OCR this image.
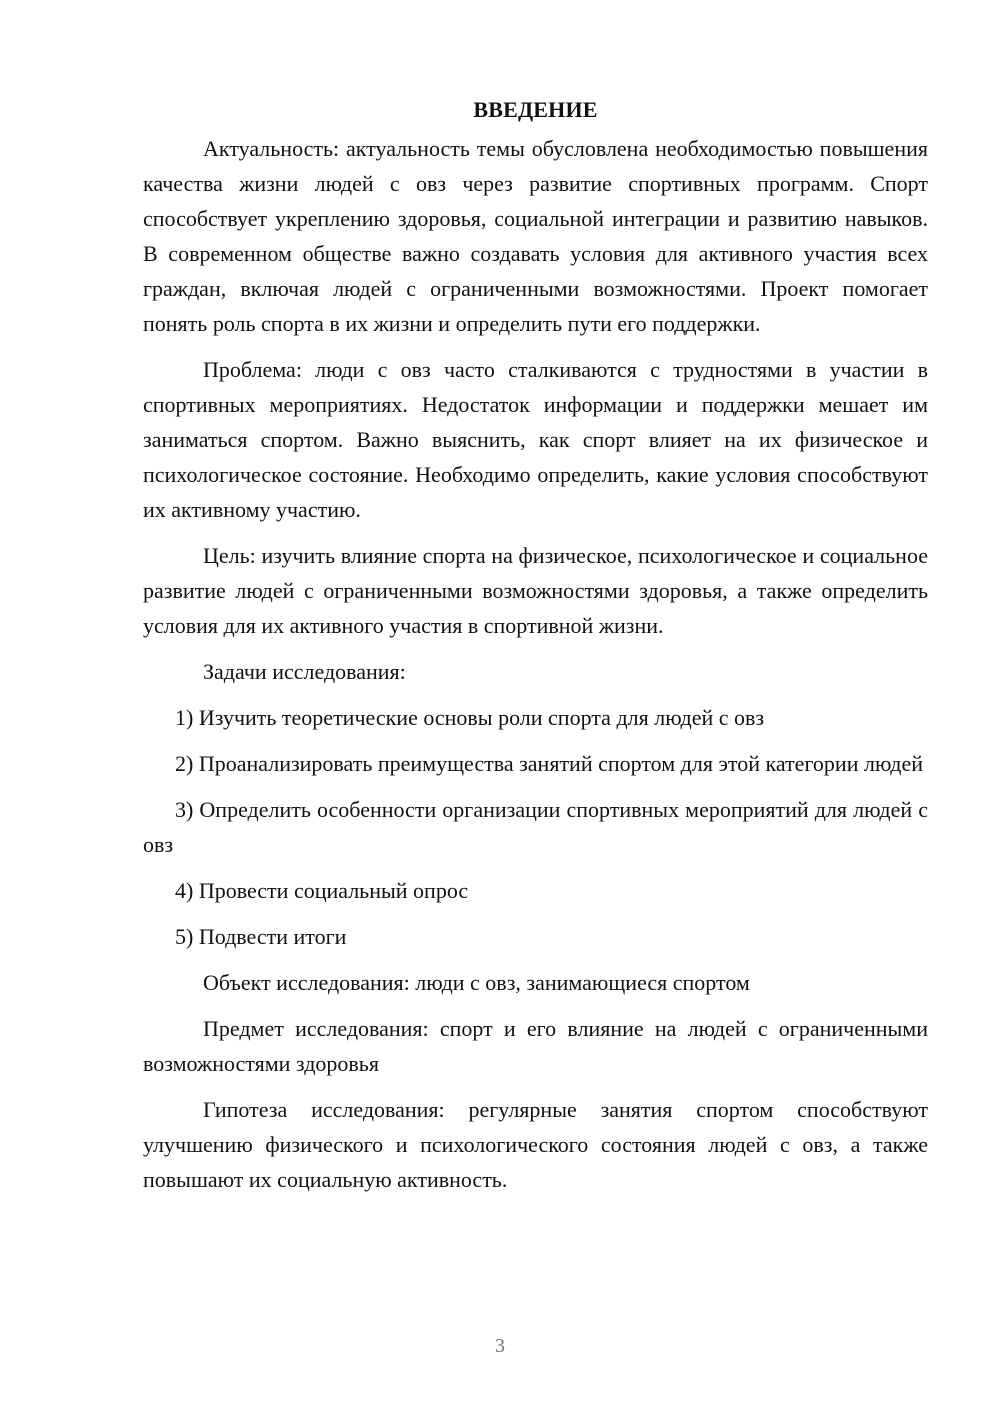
ВВЕДЕНИЕ

Актуальность: актуальность темы обусловлена необходимостью повышения качества жизни людей с овз через развитие спортивных программ. Спорт способствует укреплению здоровья, социальной интеграции и развитию навыков. В современном обществе важно создавать условия для активного участия всех граждан, включая людей с ограниченными возможностями. Проект помогает понять роль спорта в их жизни и определить пути его поддержки.

Проблема: люди с овз часто сталкиваются с трудностями в участии в спортивных мероприятиях. Недостаток информации и поддержки мешает им заниматься спортом. Важно выяснить, как спорт влияет на их физическое и психологическое состояние. Необходимо определить, какие условия способствуют их активному участию.

Цель: изучить влияние спорта на физическое, психологическое и социальное развитие людей с ограниченными возможностями здоровья, а также определить условия для их активного участия в спортивной жизни.

Задачи исследования:

1) Изучить теоретические основы роли спорта для людей с овз

2) Проанализировать преимущества занятий спортом для этой категории людей

3) Определить особенности организации спортивных мероприятий для людей с овз

4) Провести социальный опрос

5) Подвести итоги

Объект исследования: люди с овз, занимающиеся спортом

Предмет исследования: спорт и его влияние на людей с ограниченными возможностями здоровья

Гипотеза исследования: регулярные занятия спортом способствуют улучшению физического и психологического состояния людей с овз, а также повышают их социальную активность.

3
